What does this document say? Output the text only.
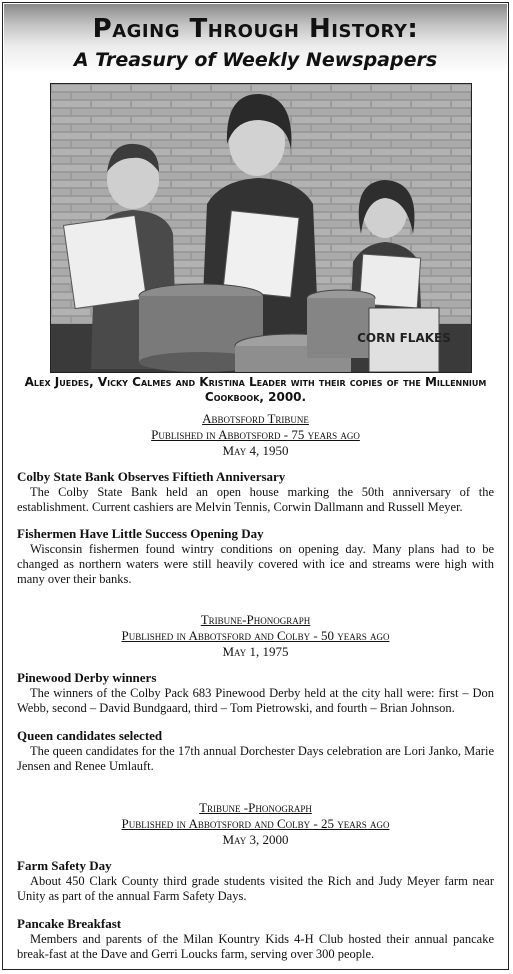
Paging Through History:
A Treasury of Weekly Newspapers
CORN FLAKES
Alex Juedes, Vicky Calmes and Kristina Leader with their copies of the Millennium Cookbook, 2000.
Abbotsford Tribune
Published in Abbotsford - 75 years ago
May 4, 1950
Colby State Bank Observes Fiftieth Anniversary

The Colby State Bank held an open house marking the 50th anniversary of the establishment. Current cashiers are Melvin Tennis, Corwin Dallmann and Russell Meyer.

Fishermen Have Little Success Opening Day

Wisconsin fishermen found wintry conditions on opening day. Many plans had to be changed as northern waters were still heavily covered with ice and streams were high with many over their banks.

Tribune-Phonograph
Published in Abbotsford and Colby - 50 years ago
May 1, 1975
Pinewood Derby winners

The winners of the Colby Pack 683 Pinewood Derby held at the city hall were: first – Don Webb, second – David Bundgaard, third – Tom Pietrowski, and fourth – Brian Johnson.

Queen candidates selected

The queen candidates for the 17th annual Dorchester Days celebration are Lori Janko, Marie Jensen and Renee Umlauft.

Tribune -Phonograph
Published in Abbotsford and Colby - 25 years ago
May 3, 2000
Farm Safety Day

About 450 Clark County third grade students visited the Rich and Judy Meyer farm near Unity as part of the annual Farm Safety Days.

Pancake Breakfast

Members and parents of the Milan Kountry Kids 4-H Club hosted their annual pancake break-fast at the Dave and Gerri Loucks farm, serving over 300 people.
